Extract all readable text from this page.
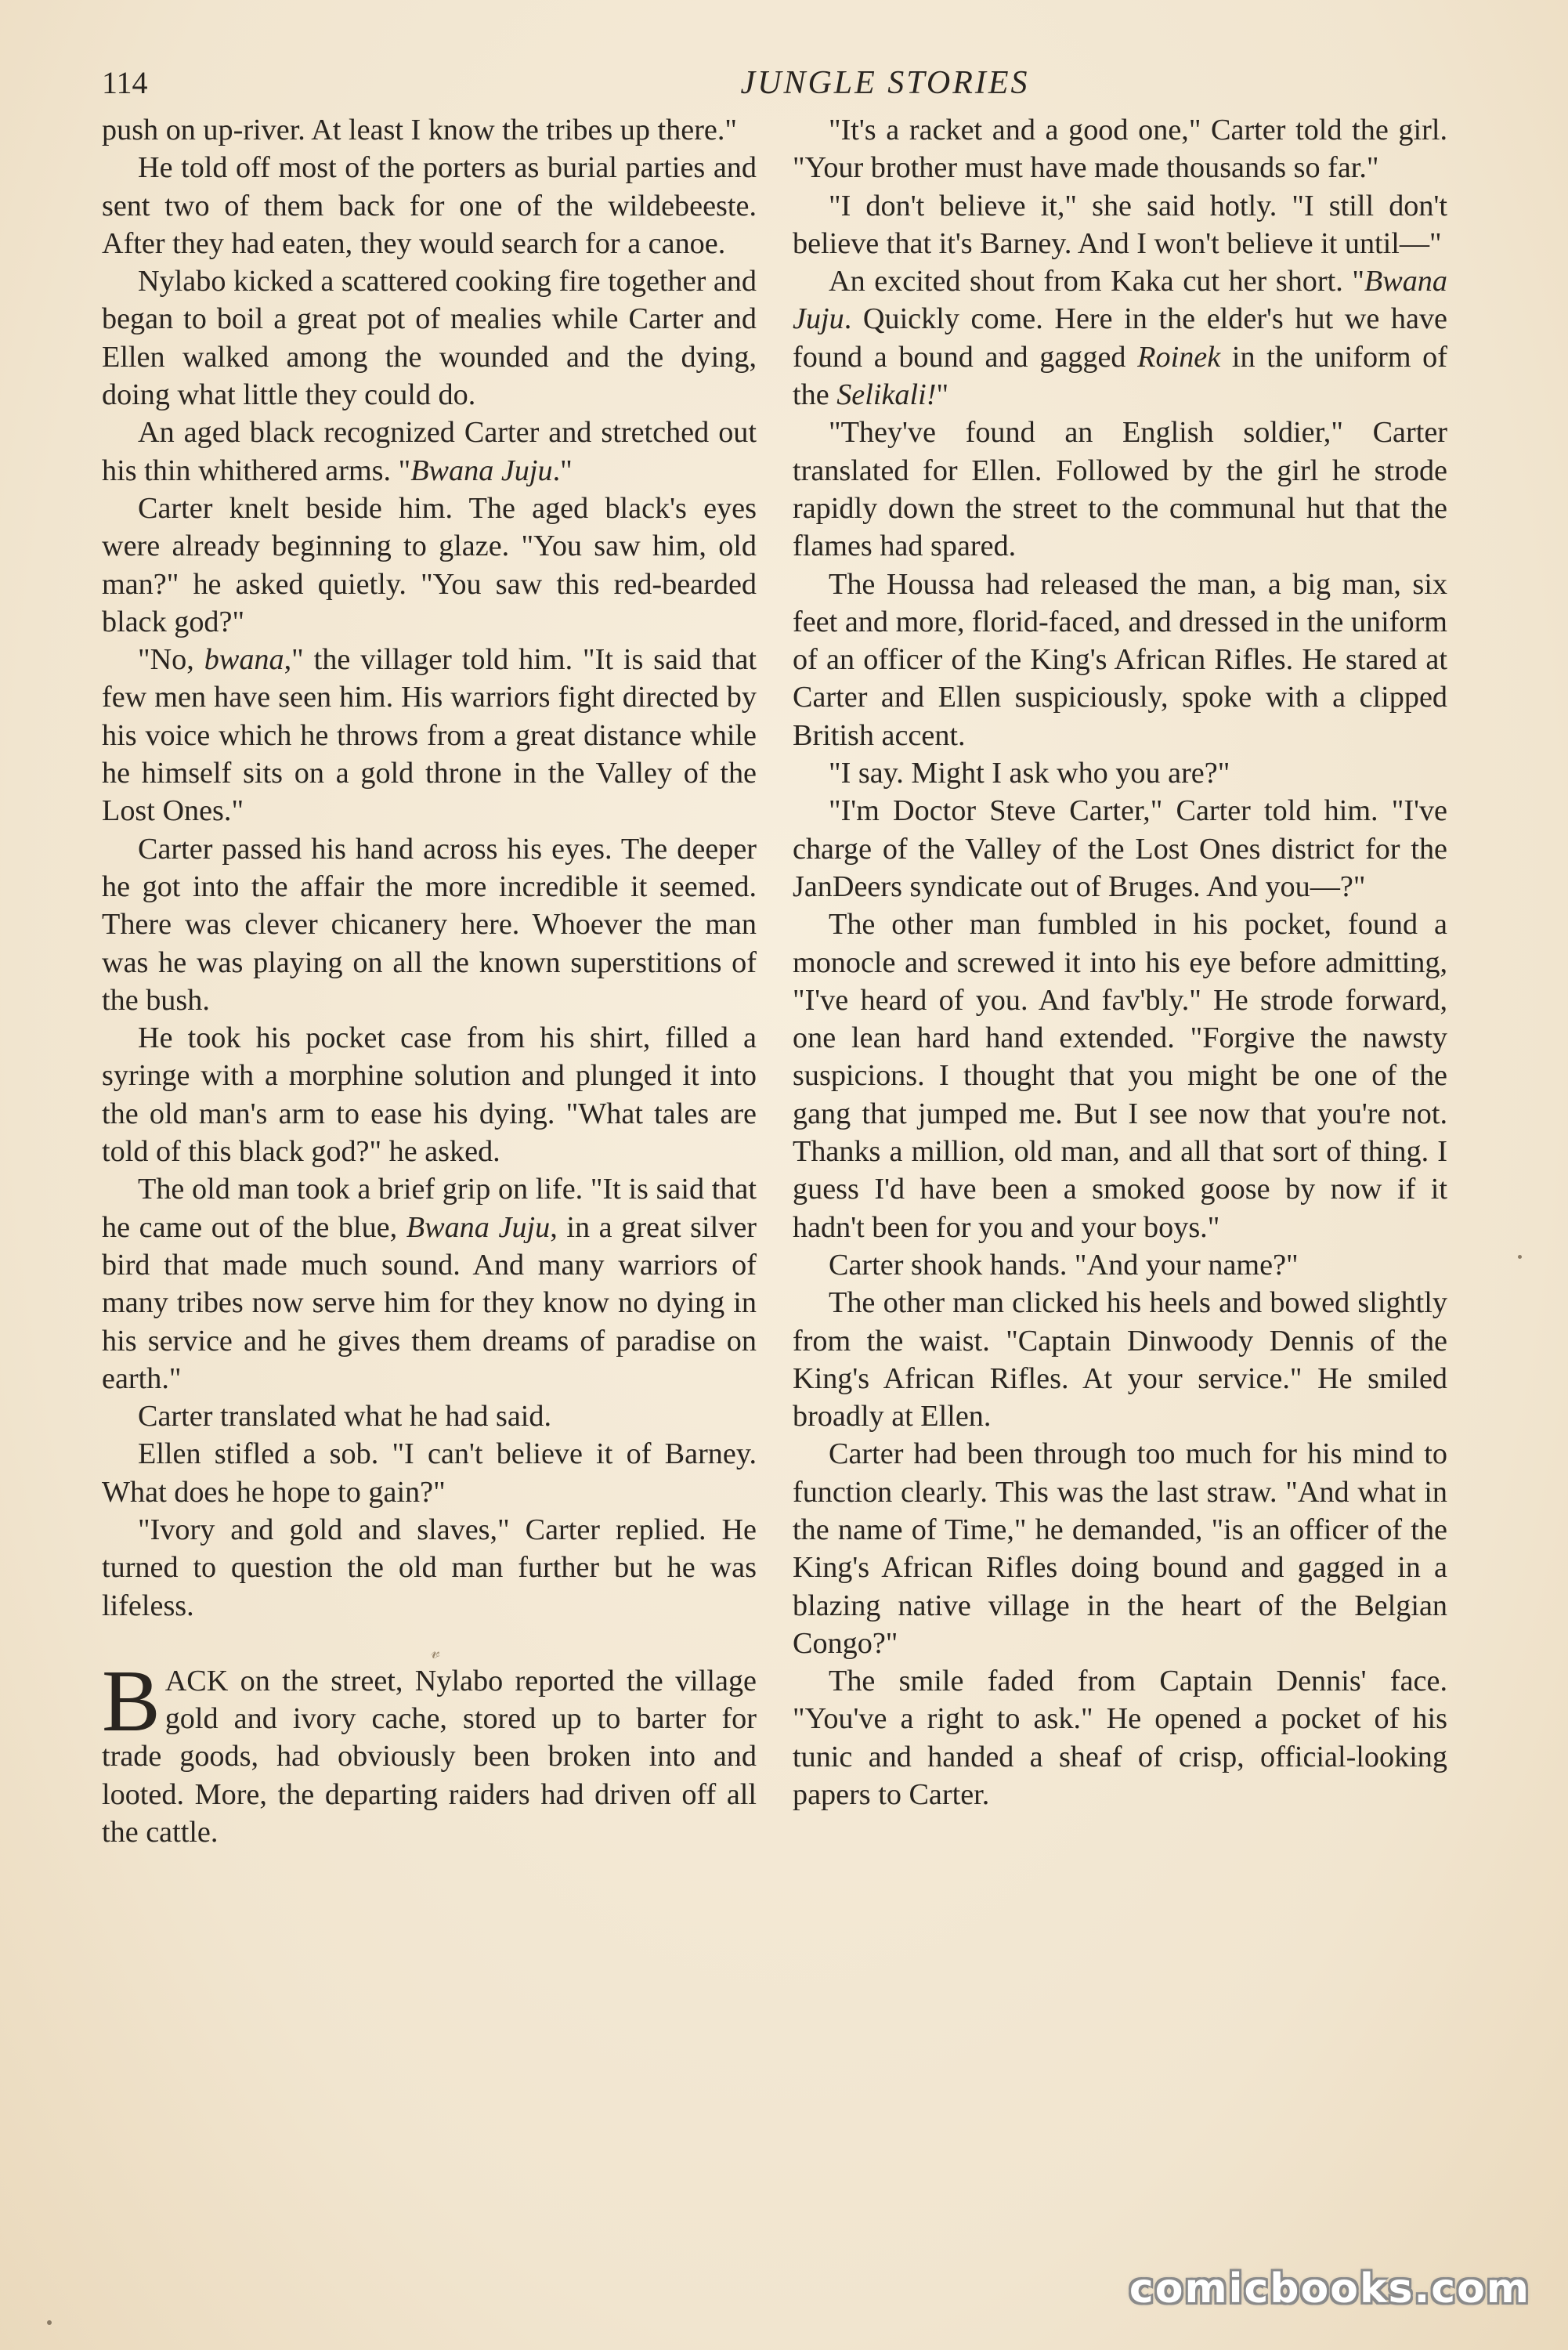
114	JUNGLE STORIES

push on up-river. At least I know the tribes up there."

He told off most of the porters as burial parties and sent two of them back for one of the wildebeeste. After they had eaten, they would search for a canoe.

Nylabo kicked a scattered cooking fire together and began to boil a great pot of mealies while Carter and Ellen walked among the wounded and the dying, doing what little they could do.

An aged black recognized Carter and stretched out his thin whithered arms. "Bwana Juju."

Carter knelt beside him. The aged black's eyes were already beginning to glaze. "You saw him, old man?" he asked quietly. "You saw this red-bearded black god?"

"No, bwana," the villager told him. "It is said that few men have seen him. His warriors fight directed by his voice which he throws from a great distance while he himself sits on a gold throne in the Valley of the Lost Ones."

Carter passed his hand across his eyes. The deeper he got into the affair the more incredible it seemed. There was clever chicanery here. Whoever the man was he was playing on all the known superstitions of the bush.

He took his pocket case from his shirt, filled a syringe with a morphine solution and plunged it into the old man's arm to ease his dying. "What tales are told of this black god?" he asked.

The old man took a brief grip on life. "It is said that he came out of the blue, Bwana Juju, in a great silver bird that made much sound. And many warriors of many tribes now serve him for they know no dying in his service and he gives them dreams of paradise on earth."

Carter translated what he had said.

Ellen stifled a sob. "I can't believe it of Barney. What does he hope to gain?"

"Ivory and gold and slaves," Carter replied. He turned to question the old man further but he was lifeless.

𝓋

BACK on the street, Nylabo reported the village gold and ivory cache, stored up to barter for trade goods, had obviously been broken into and looted. More, the departing raiders had driven off all the cattle.

"It's a racket and a good one," Carter told the girl. "Your brother must have made thousands so far."

"I don't believe it," she said hotly. "I still don't believe that it's Barney. And I won't believe it until—"

An excited shout from Kaka cut her short. "Bwana Juju. Quickly come. Here in the elder's hut we have found a bound and gagged Roinek in the uniform of the Selikali!"

"They've found an English soldier," Carter translated for Ellen. Followed by the girl he strode rapidly down the street to the communal hut that the flames had spared.

The Houssa had released the man, a big man, six feet and more, florid-faced, and dressed in the uniform of an officer of the King's African Rifles. He stared at Carter and Ellen suspiciously, spoke with a clipped British accent.

"I say. Might I ask who you are?"

"I'm Doctor Steve Carter," Carter told him. "I've charge of the Valley of the Lost Ones district for the JanDeers syndicate out of Bruges. And you—?"

The other man fumbled in his pocket, found a monocle and screwed it into his eye before admitting, "I've heard of you. And fav'bly." He strode forward, one lean hard hand extended. "Forgive the nawsty suspicions. I thought that you might be one of the gang that jumped me. But I see now that you're not. Thanks a million, old man, and all that sort of thing. I guess I'd have been a smoked goose by now if it hadn't been for you and your boys."

Carter shook hands. "And your name?"

The other man clicked his heels and bowed slightly from the waist. "Captain Dinwoody Dennis of the King's African Rifles. At your service." He smiled broadly at Ellen.

Carter had been through too much for his mind to function clearly. This was the last straw. "And what in the name of Time," he demanded, "is an officer of the King's African Rifles doing bound and gagged in a blazing native village in the heart of the Belgian Congo?"

The smile faded from Captain Dennis' face. "You've a right to ask." He opened a pocket of his tunic and handed a sheaf of crisp, official-looking papers to Carter.

comicbooks.com
